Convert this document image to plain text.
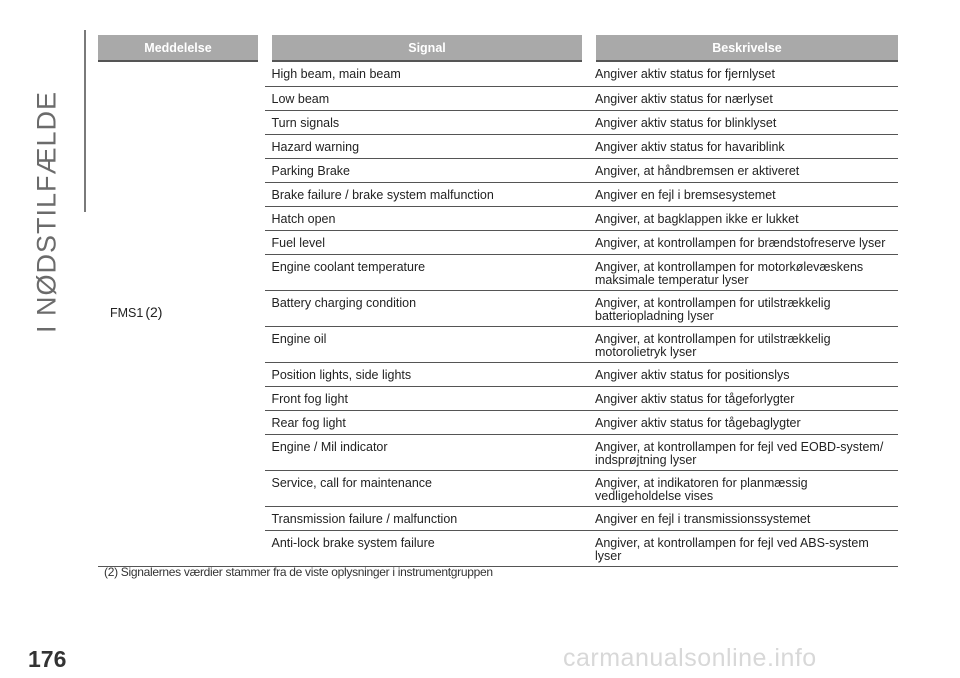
I NØDSTILFÆLDE
Meddelelse	Signal	Beskrivelse
FMS1 (2)	High beam, main beam	Angiver aktiv status for fjernlyset
	Low beam	Angiver aktiv status for nærlyset
	Turn signals	Angiver aktiv status for blinklyset
	Hazard warning	Angiver aktiv status for havariblink
	Parking Brake	Angiver, at håndbremsen er aktiveret
	Brake failure / brake system malfunction	Angiver en fejl i bremsesystemet
	Hatch open	Angiver, at bagklappen ikke er lukket
	Fuel level	Angiver, at kontrollampen for brændstofreserve lyser
	Engine coolant temperature	Angiver, at kontrollampen for motorkølevæskens maksimale temperatur lyser
	Battery charging condition	Angiver, at kontrollampen for utilstrækkelig batteriopladning lyser
	Engine oil	Angiver, at kontrollampen for utilstrækkelig motorolietryk lyser
	Position lights, side lights	Angiver aktiv status for positionslys
	Front fog light	Angiver aktiv status for tågeforlygter
	Rear fog light	Angiver aktiv status for tågebaglygter
	Engine / Mil indicator	Angiver, at kontrollampen for fejl ved EOBD-system/ indsprøjtning lyser
	Service, call for maintenance	Angiver, at indikatoren for planmæssig vedligeholdelse vises
	Transmission failure / malfunction	Angiver en fejl i transmissionssystemet
	Anti-lock brake system failure	Angiver, at kontrollampen for fejl ved ABS-system lyser
(2) Signalernes værdier stammer fra de viste oplysninger i instrumentgruppen
176	carmanualsonline.info
